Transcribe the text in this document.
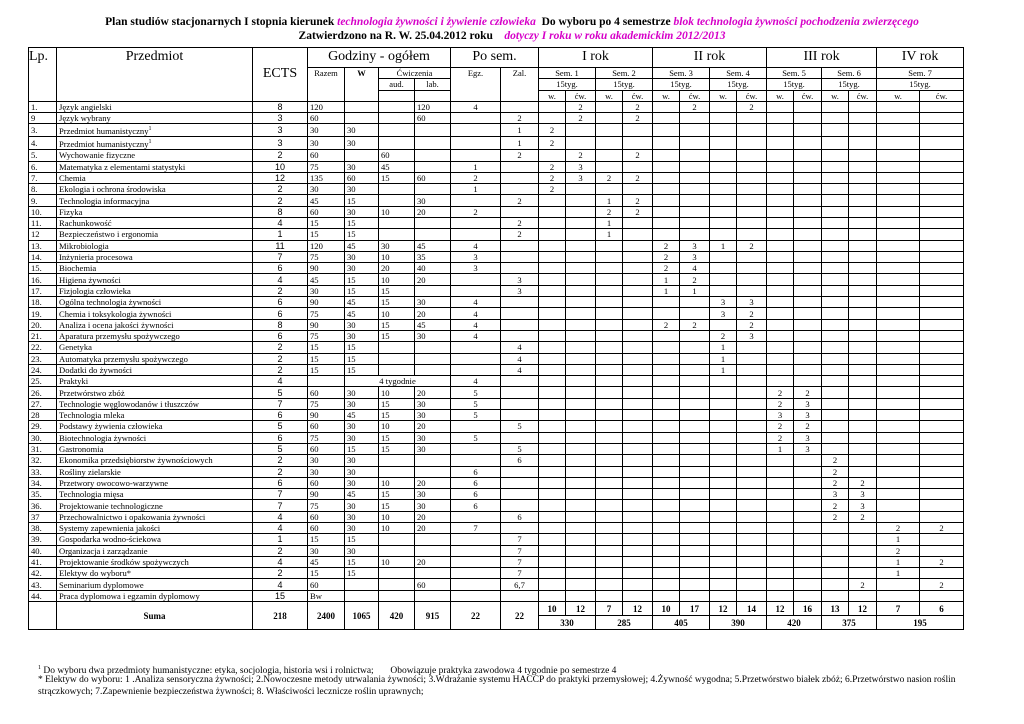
Plan studiów stacjonarnych I stopnia kierunek technologia żywności i żywienie człowieka Do wyboru po 4 semestrze blok technologia żywności pochodzenia zwierzęcego
Zatwierdzono na R. W. 25.04.2012 roku dotyczy I roku w roku akademickim 2012/2013
Lp.	Przedmiot	ECTS	Godziny - ogółem				Po sem.		I rok				II rok				III rok				IV rok		
			Razem	W	Ćwiczenia		Egz.	Zal.	Sem. 1		Sem. 2		Sem. 3		Sem. 4		Sem. 5		Sem. 6		Sem. 7		
					aud.	lab.			15tyg.		15tyg.		15tyg.		15tyg.		15tyg.		15tyg.		15tyg.		
									w.	ćw.	w.	ćw.	w.	ćw.	w.	ćw.	w.	ćw.	w.	ćw.	w.	ćw.	
1.	Język angielski	8	120			120	4			2		2		2		2							
9	Język wybrany	3	60			60		2		2		2											
3.	Przedmiot humanistyczny$^1$	3	30	30				1	2														
4.	Przedmiot humanistyczny$^1$	3	30	30				1	2														
5.	Wychowanie fizyczne	2	60		60			2		2		2											
6.	Matematyka z elementami statystyki	10	75	30	45		1		2	3													
7.	Chemia	12	135	60	15	60	2		2	3	2	2											
8.	Ekologia i ochrona środowiska	2	30	30			1		2														
9.	Technologia informacyjna	2	45	15		30		2			1	2											
10.	Fizyka	8	60	30	10	20	2				2	2											
11.	Rachunkowość	4	15	15				2			1												
12	Bezpieczeństwo i ergonomia	1	15	15				2			1												
13.	Mikrobiologia	11	120	45	30	45	4						2	3	1	2							
14.	Inżynieria procesowa	7	75	30	10	35	3						2	3									
15.	Biochemia	6	90	30	20	40	3						2	4									
16.	Higiena żywności	4	45	15	10	20		3					1	2									
17.	Fizjologia człowieka	2	30	15	15			3					1	1									
18.	Ogólna technologia żywności	6	90	45	15	30	4								3	3							
19.	Chemia i toksykologia żywności	6	75	45	10	20	4								3	2							
20.	Analiza i ocena jakości żywności	8	90	30	15	45	4						2	2		2							
21.	Aparatura przemysłu spożywczego	6	75	30	15	30	4								2	3							
22.	Genetyka	2	15	15				4							1								
23.	Automatyka przemysłu spożywczego	2	15	15				4							1								
24.	Dodatki do żywności	2	15	15				4							1								
25.	Praktyki	4		4 tygodnie			4																
26.	Przetwórstwo zbóż	5	60	30	10	20	5										2	2					
27.	Technologie węglowodanów i tłuszczów	7	75	30	15	30	5										2	3					
28	Technologia mleka	6	90	45	15	30	5										3	3					
29.	Podstawy żywienia człowieka	5	60	30	10	20		5									2	2					
30.	Biotechnologia żywności	6	75	30	15	30	5										2	3					
31.	Gastronomia	5	60	15	15	30		5									1	3					
32.	Ekonomika przedsiębiorstw żywnościowych	2	30	30				6											2				
33.	Rośliny zielarskie	2	30	30			6												2				
34.	Przetwory owocowo-warzywne	6	60	30	10	20	6												2	2			
35.	Technologia mięsa	7	90	45	15	30	6												3	3			
36.	Projektowanie technologiczne	7	75	30	15	30	6												2	3			
37	Przechowalnictwo i opakowania żywności	4	60	30	10	20		6											2	2			
38.	Systemy zapewnienia jakości	4	60	30	10	20	7														2	2	
39.	Gospodarka wodno-ściekowa	1	15	15				7													1		
40.	Organizacja i zarządzanie	2	30	30				7													2		
41.	Projektowanie środków spożywczych	4	45	15	10	20		7													1	2	
42.	Elektyw do wyboru*	2	15	15				7													1		
43.	Seminarium dyplomowe	4	60			60		6,7												2		2	
44.	Praca dyplomowa i egzamin dyplomowy	15	Bw																				
	Suma	218	2400	1065	420	915	22	22	10	12	7	12	10	17	12	14	12	16	13	12	7	6	
									330		285		405		390		420		375		195		
$^1$ Do wyboru dwa przedmioty humanistyczne: etyka, socjologia, historia wsi i rolnictwa; Obowiązuje praktyka zawodowa 4 tygodnie po semestrze 4
* Elektyw do wyboru: 1 .Analiza sensoryczna żywności; 2.Nowoczesne metody utrwalania żywności; 3.Wdrażanie systemu HACCP do praktyki przemysłowej; 4.Żywność wygodna; 5.Przetwórstwo białek zbóż; 6.Przetwórstwo nasion roślin strączkowych; 7.Zapewnienie bezpieczeństwa żywności; 8. Właściwości lecznicze roślin uprawnych;
